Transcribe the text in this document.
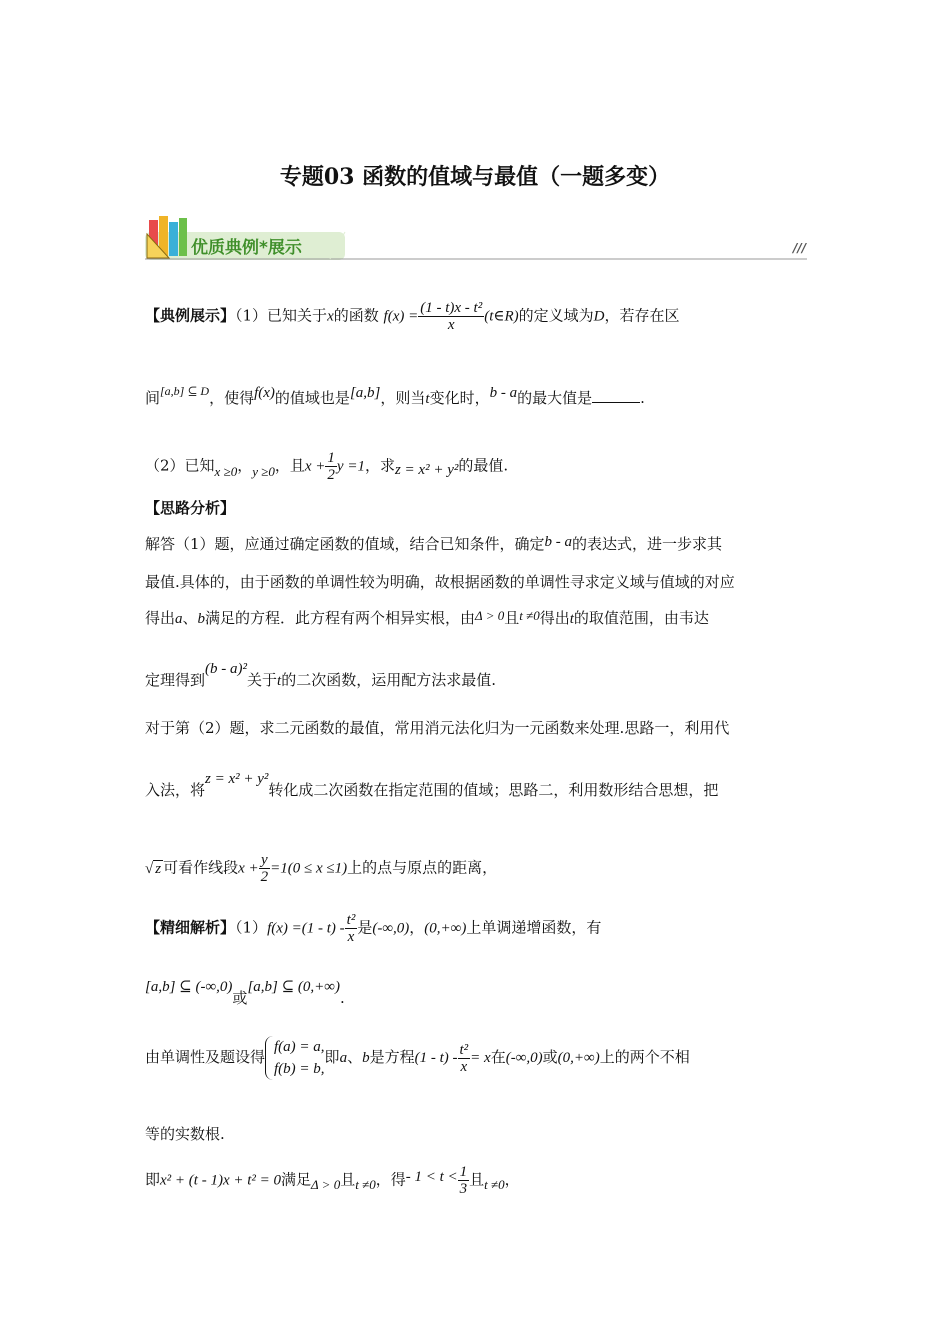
专题03 函数的值域与最值（一题多变）
优质典例*展示	///
【典例展示】（1）已知关于x的函数 $f(x) = \frac{\text{(1 - t)x - t²}}{x}$ (t∈R)的定义域为D，若存在区
间$^{[a,b] ⊆ D}$，使得f(x)的值域也是[a,b]，则当t变化时，b - a的最大值是	.
（2）已知x ≥0，y ≥0，且$x + \frac{1}{2}$ y =1，求z = x² + y²的最值.
【思路分析】
解答（1）题，应通过确定函数的值域，结合已知条件，确定b - a的表达式，进一步求其
最值.具体的，由于函数的单调性较为明确，故根据函数的单调性寻求定义域与值域的对应
得出a、b满足的方程．此方程有两个相异实根，由Δ > 0且t ≠0得出t的取值范围，由韦达
定理得到(b - a)²关于t的二次函数，运用配方法求最值.
对于第（2）题，求二元函数的最值，常用消元法化归为一元函数来处理.思路一，利用代
入法，将z = x² + y²转化成二次函数在指定范围的值域；思路二，利用数形结合思想，把
√ z 可看作线段$x + \frac{y}{2} =1(0 \le x \le 1)$上的点与原点的距离，
【精细解析】$(1)f(x) =(1 - t) - \frac{\text{t²}}{x}$ 是(-∞,0)，(0,+∞)上单调递增函数，有
[a,b] ⊆ (-∞,0)或[a,b] ⊆ (0,+∞).
由单调性及题设得
f(a) = a,
f(b) = b,
即a、b是方程$(1 - t) - \frac{\text{t²}}{x} = x$在(-∞,0)或(0,+∞)上的两个不相
等的实数根.
即x² + (t - 1)x + t² = 0满足Δ > 0且t ≠0，得- $1 < t < \frac{1}{3}$ 且t ≠0，
